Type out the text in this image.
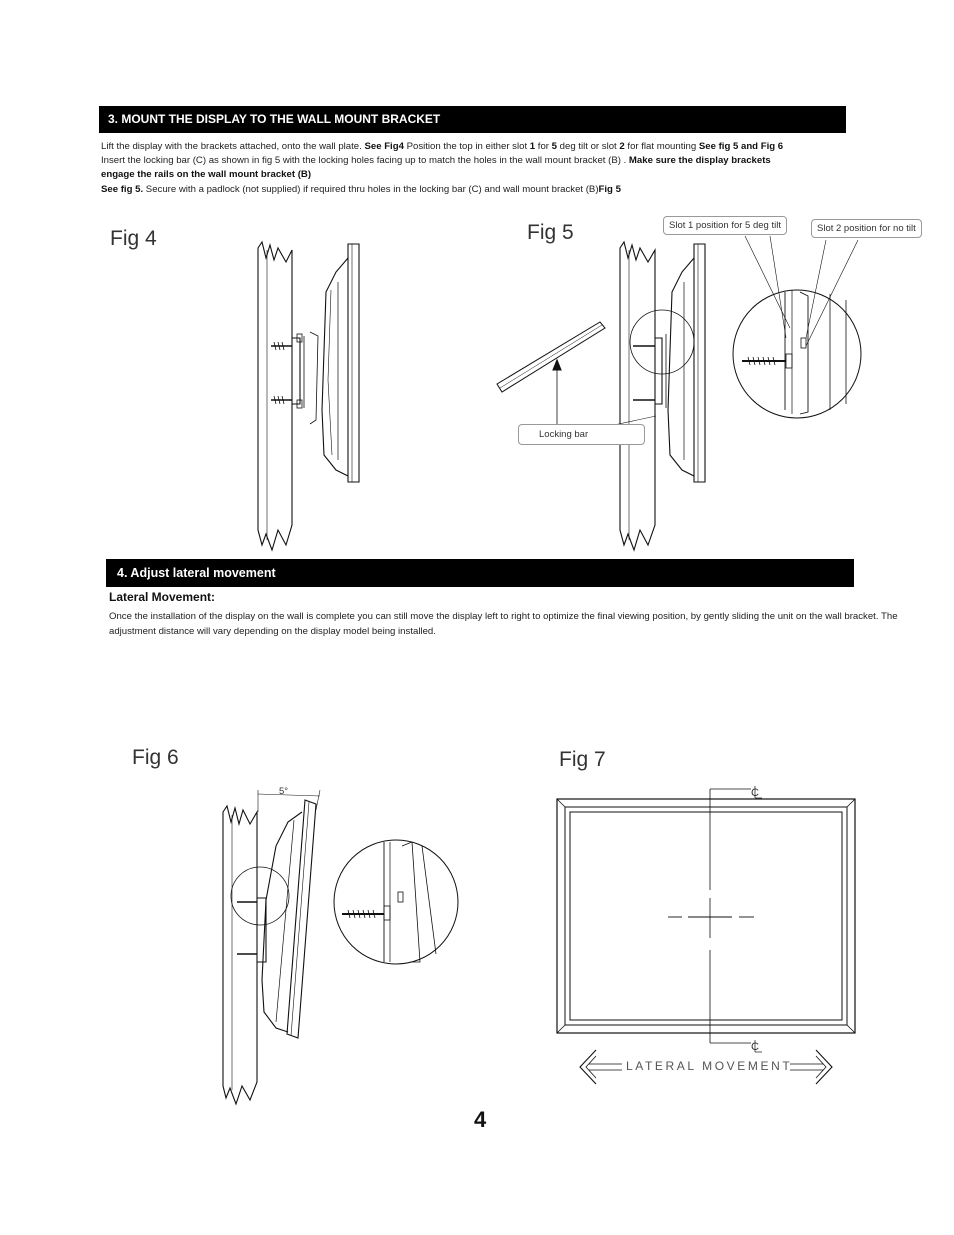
3. MOUNT THE DISPLAY TO THE WALL MOUNT BRACKET
Lift the display with the brackets attached, onto the wall plate. See Fig4 Position the top in either slot 1 for 5 deg tilt or slot 2 for flat mounting See fig 5 and Fig 6
Insert the locking bar (C) as shown in fig 5 with the locking holes facing up to match the holes in the wall mount bracket (B) . Make sure the display brackets
engage the rails on the wall mount bracket (B)
See fig 5. Secure with a padlock (not supplied) if required thru holes in the locking bar (C) and wall mount bracket (B)Fig 5
C
C
Fig 4	Fig 5
Fig 6	Fig 7
Slot 1 position for 5 deg tilt	Slot 2 position for no tilt
Locking bar
5°
LATERAL MOVEMENT
4. Adjust lateral movement
Lateral Movement:
Once the installation of the display on the wall is complete you can still move the display left to right to optimize the final viewing position, by gently sliding the unit on the wall bracket. The adjustment distance will vary depending on the display model being installed.
4
